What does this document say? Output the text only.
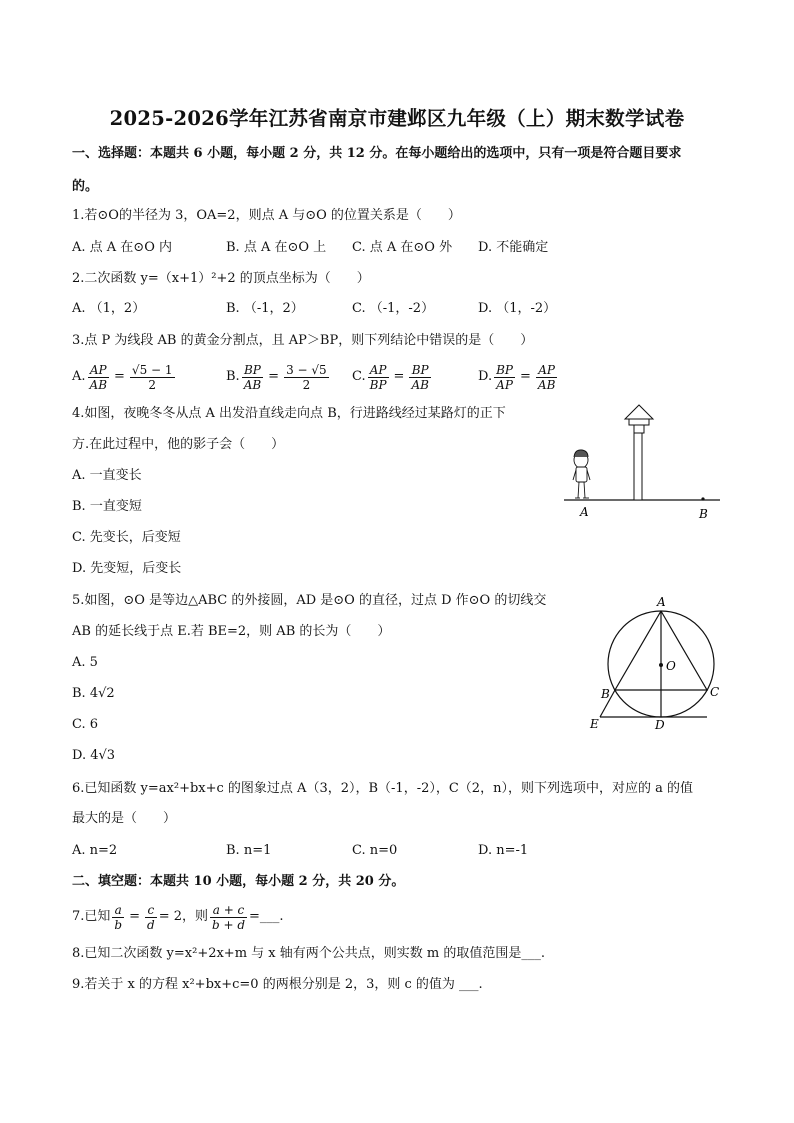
2025-2026学年江苏省南京市建邺区九年级（上）期末数学试卷
一、选择题：本题共 6 小题，每小题 2 分，共 12 分。在每小题给出的选项中，只有一项是符合题目要求
的。
1.若⊙O的半径为 3，OA=2，则点 A 与⊙O 的位置关系是（　　）
A. 点 A 在⊙O 内	B. 点 A 在⊙O 上 C. 点 A 在⊙O 外 D. 不能确定
2.二次函数 y=（x+1）²+2 的顶点坐标为（　　）
A. （1，2）	B. （-1，2）	C. （-1，-2）	D. （1，-2）
3.点 P 为线段 AB 的黄金分割点，且 AP＞BP，则下列结论中错误的是（　　）
A. $\frac{AP}{AB} = \frac{√5 - 1}{2}$	B. $\frac{BP}{AB} = \frac{3 - √5}{2} C$. $\frac{AP}{BP} = \frac{BP}{AB}$	D. $\frac{BP}{AP} = \frac{AP}{AB}$
4.如图，夜晚冬冬从点 A 出发沿直线走向点 B，行进路线经过某路灯的正下
方.在此过程中，他的影子会（　　）
A. 一直变长
B. 一直变短
C. 先变长，后变短
D. 先变短，后变长
A	B
5.如图，⊙O 是等边△ABC 的外接圆，AD 是⊙O 的直径，过点 D 作⊙O 的切线交
AB 的延长线于点 E.若 BE=2，则 AB 的长为（　　）
A. 5
B. 4√2
C. 6
D. 4√3
A
O
B	C
E	D
6.已知函数 y=ax²+bx+c 的图象过点 A（3，2），B（-1，-2），C（2，n），则下列选项中，对应的 a 的值
最大的是（　　）
A. n=2	B. n=1	C. n=0	D. n=-1
二、填空题：本题共 10 小题，每小题 2 分，共 20 分。
7.已知 $\frac{a}{b} = \frac{c}{d} = 2$，则 $\frac{a + c}{b + d}$ =___.
8.已知二次函数 y=x²+2x+m 与 x 轴有两个公共点，则实数 m 的取值范围是___.
9.若关于 x 的方程 x²+bx+c=0 的两根分别是 2，3，则 c 的值为 ___.
